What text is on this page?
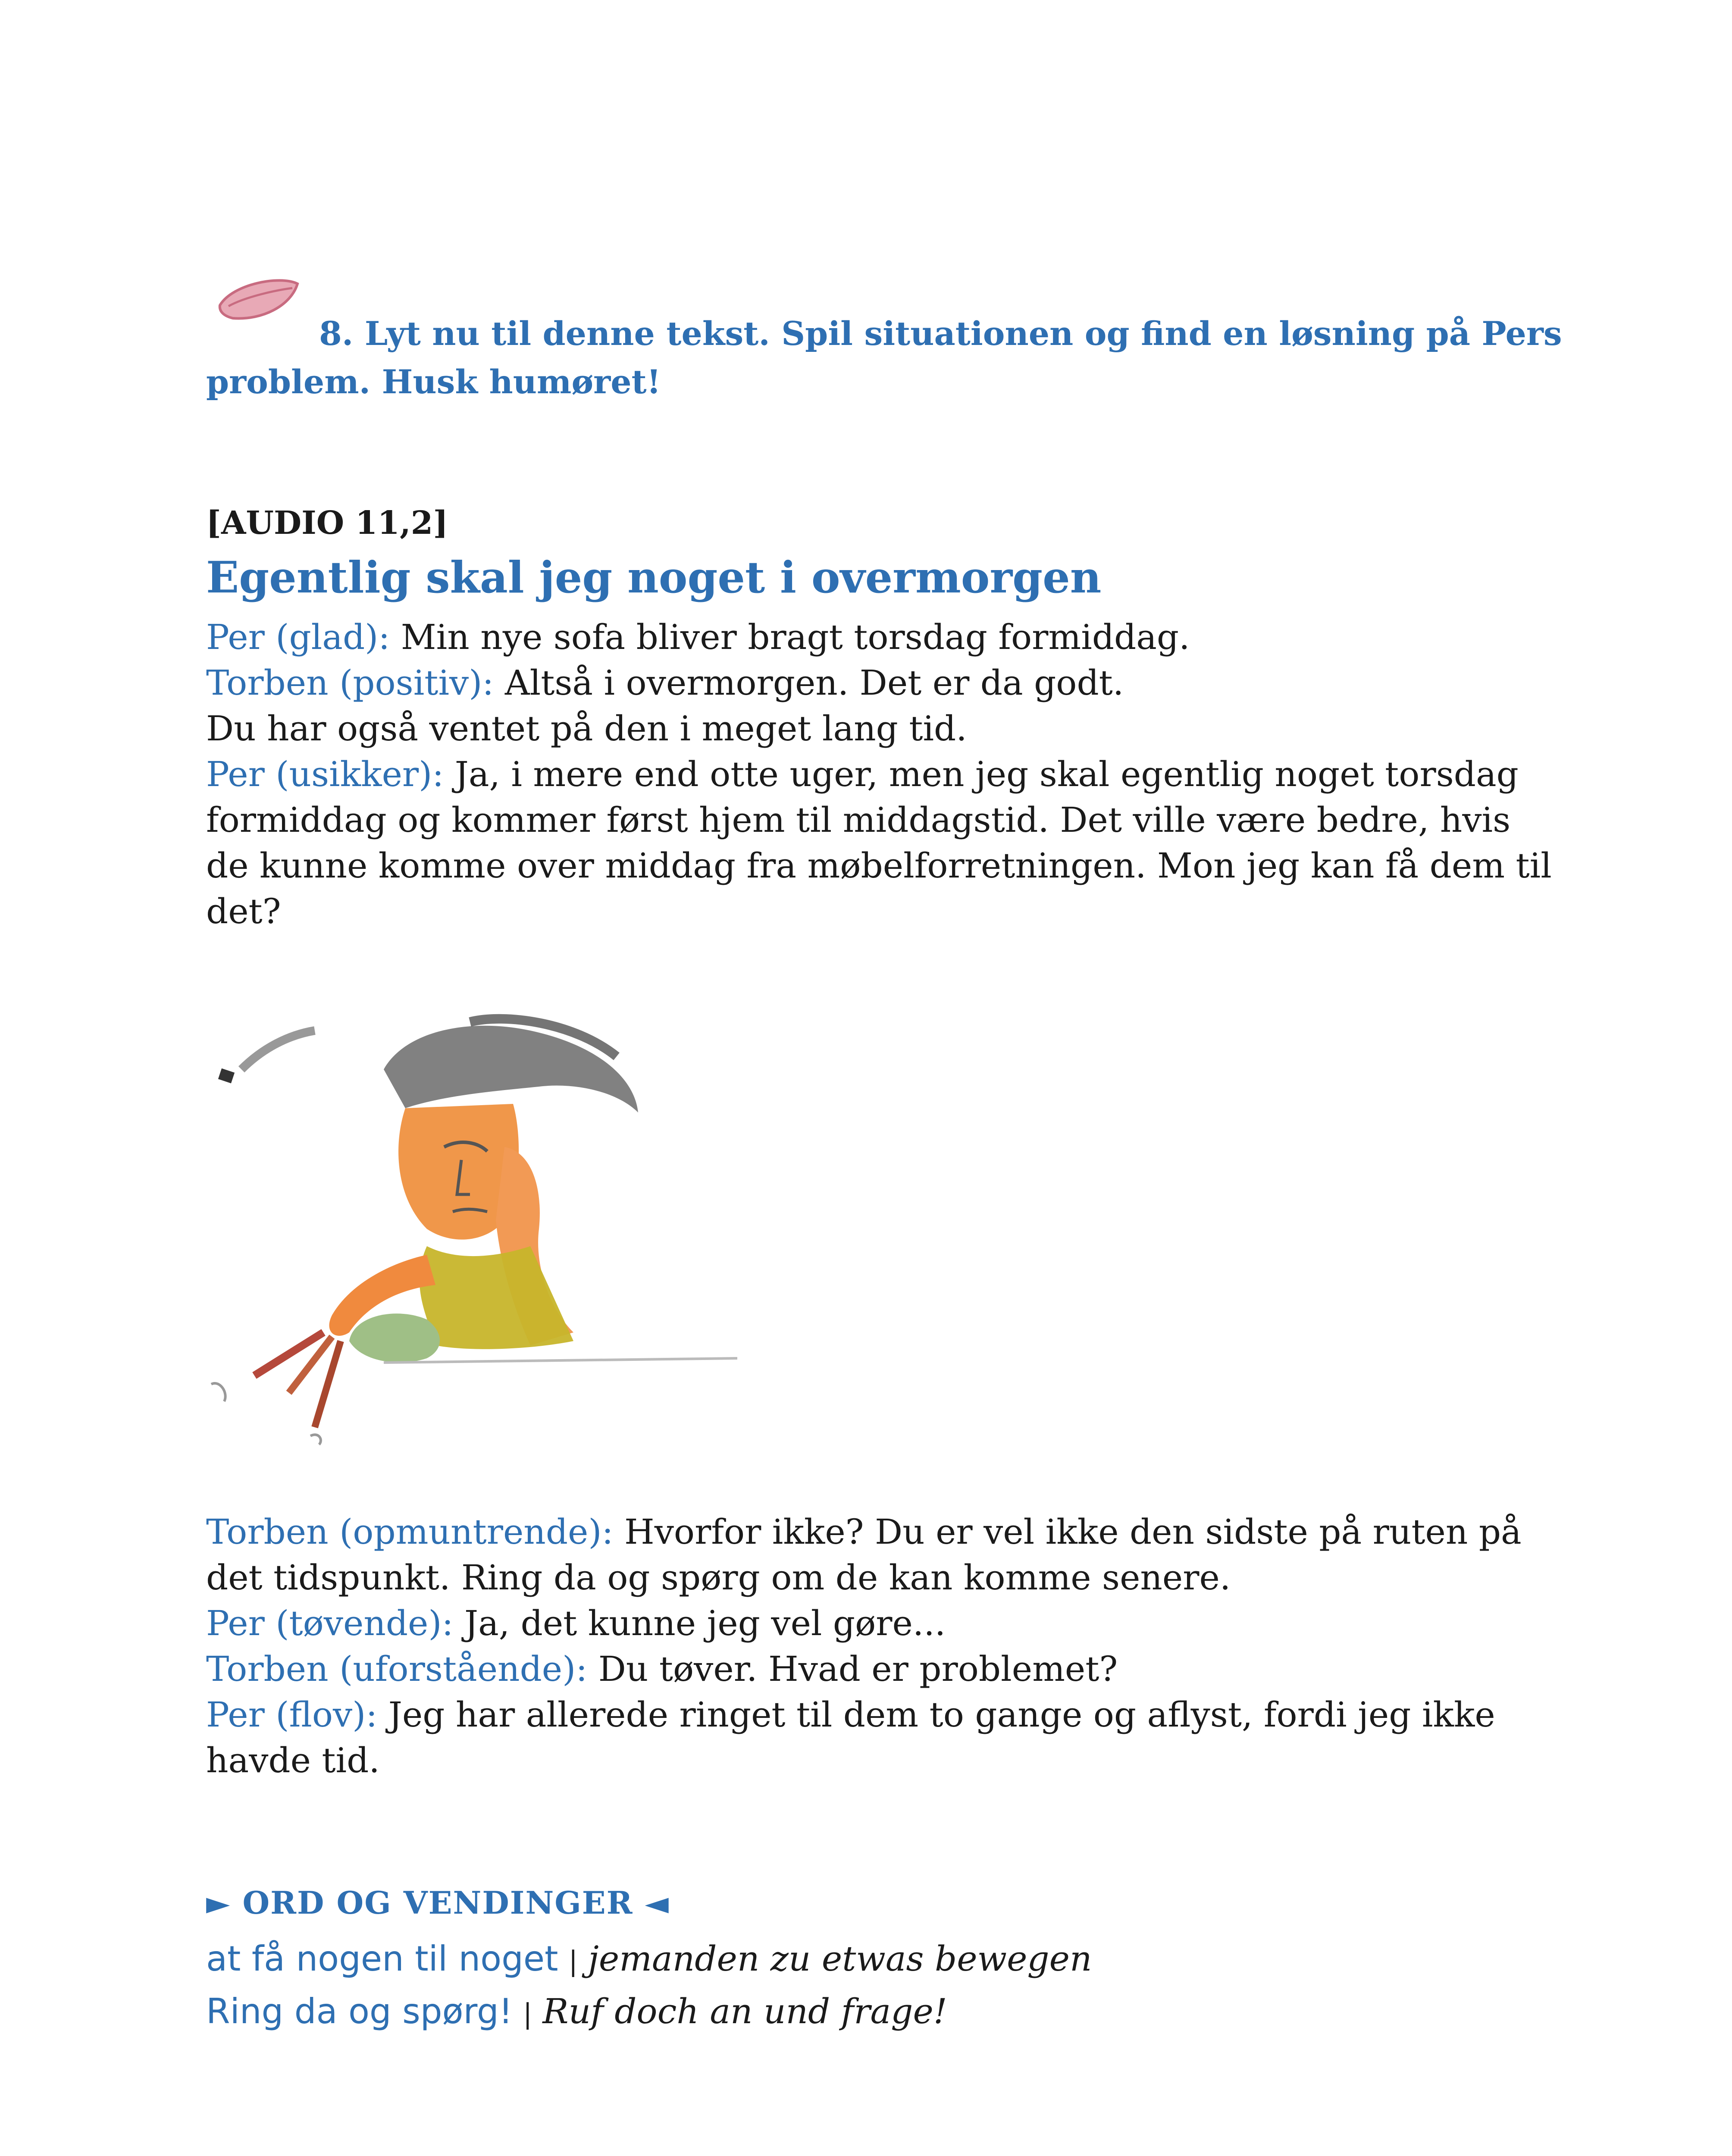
8. Lyt nu til denne tekst. Spil situationen og find en løsning på Pers problem. Husk humøret!
[AUDIO 11,2]
Egentlig skal jeg noget i overmorgen

Per (glad): Min nye sofa bliver bragt torsdag formiddag.

Torben (positiv): Altså i overmorgen. Det er da godt.

Du har også ventet på den i meget lang tid.

Per (usikker): Ja, i mere end otte uger, men jeg skal egentlig noget torsdag formiddag og kommer først hjem til middagstid. Det ville være bedre, hvis de kunne komme over middag fra møbelforretningen. Mon jeg kan få dem til det?

Torben (opmuntrende): Hvorfor ikke? Du er vel ikke den sidste på ruten på det tidspunkt. Ring da og spørg om de kan komme senere.

Per (tøvende): Ja, det kunne jeg vel gøre...

Torben (uforstående): Du tøver. Hvad er problemet?

Per (flov): Jeg har allerede ringet til dem to gange og aflyst, fordi jeg ikke havde tid.

► ORD OG VENDINGER ◄
at få nogen til noget | jemanden zu etwas bewegen
Ring da og spørg! | Ruf doch an und frage!
